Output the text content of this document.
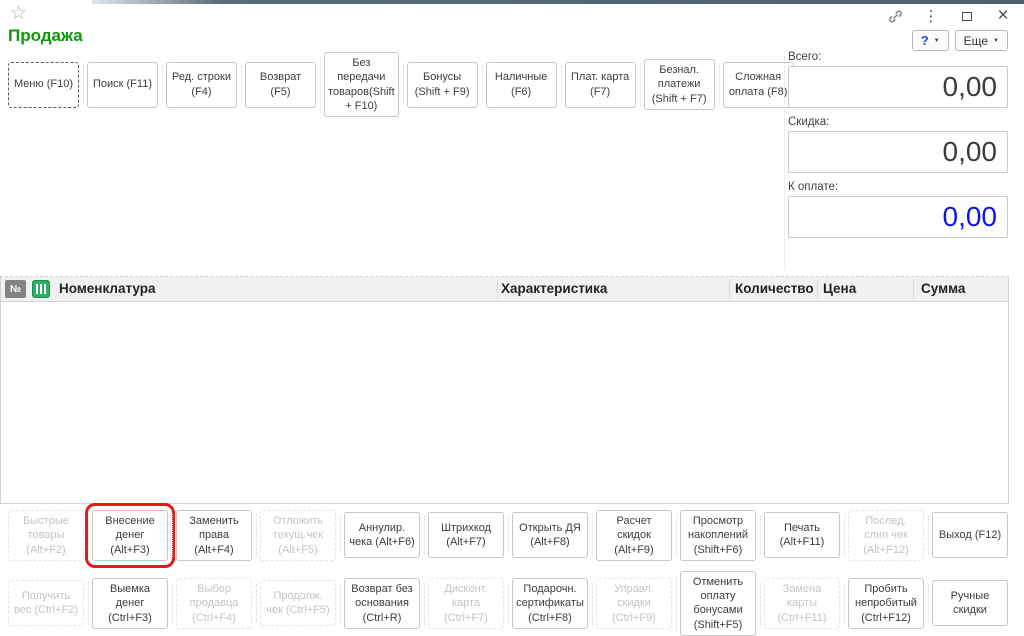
☆	⋮	×
Продажа	? ▼ Еще ▼
Меню (F10)	Поиск (F11)
Ред. строки (F4)
Возврат (F5)
Без передачи товаров(Shift + F10)
Бонусы (Shift + F9)
Наличные (F6)
Плат. карта (F7)
Безнал. платежи (Shift + F7)
Сложная оплата (F8)
Всего:
0,00
Скидка:
0,00
К оплате:
0,00
№	Номенклатура	Характеристика	Количество Цена	Сумма
Быстрые товары (Alt+F2)
Внесение денег (Alt+F3)
Заменить права (Alt+F4)
Отложить текущ.чек (Alt+F5)
Аннулир. чека (Alt+F6)
Штрихкод (Alt+F7)
Открыть ДЯ (Alt+F8)
Расчет скидок (Alt+F9)
Просмотр накоплений (Shift+F6)
Печать (Alt+F11)
Послед. слип чек (Alt+F12)
Выход (F12)
Получить вес (Ctrl+F2)
Выемка денег (Ctrl+F3)
Выбор продавца (Ctrl+F4)
Продолж. чек (Ctrl+F5)
Возврат без основания (Ctrl+R)
Дисконт. карта (Ctrl+F7)
Подарочн. сертификаты (Ctrl+F8)
Управл. скидки (Ctrl+F9)
Отменить оплату бонусами (Shift+F5)
Замена карты (Ctrl+F11)
Пробить непробитый (Ctrl+F12)
Ручные скидки
